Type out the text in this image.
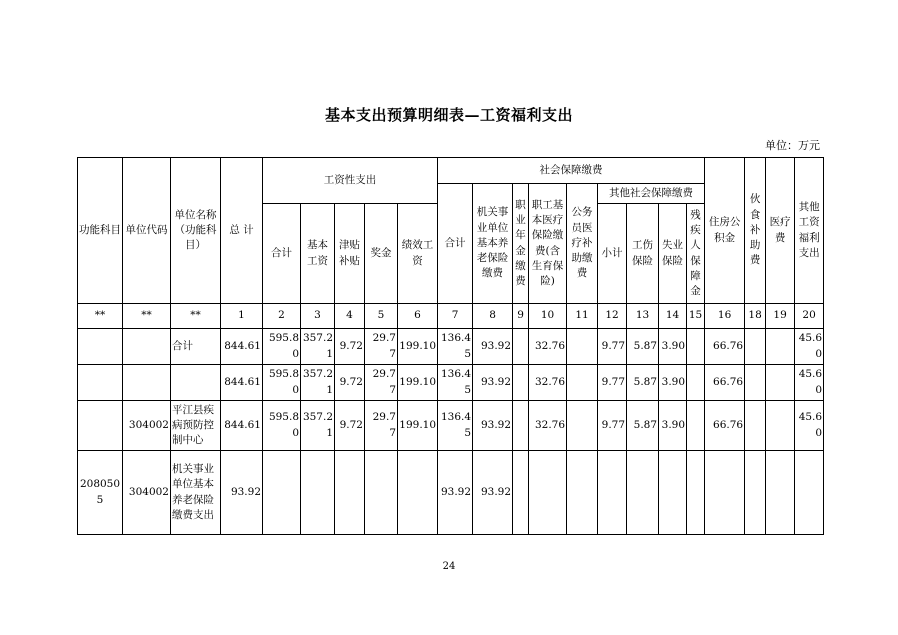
基本支出预算明细表—工资福利支出
单位：万元
功能科目	单位代码	单位名称（功能科目）	总 计	工资性支出					社会保障缴费									住房公积金	伙食补助费	医疗费	其他工资福利支出
									合计	机关事业单位基本养老保险缴费	职业年金缴费	职工基本医疗保险缴费(含生育保险)	公务员医疗补助缴费	其他社会保障缴费							
				合计	基本工资	津贴补贴	奖金	绩效工资						小计	工伤保险	失业保险	残疾人保障金				

**	**	**	1	2	3	4	5	6	7	8	9	10	11	12	13	14	15	16	18	19	20
		合计	844.61	595.80	357.21	9.72	29.77	199.10	136.45	93.92		32.76		9.77	5.87	3.90		66.76			45.60
			844.61	595.80	357.21	9.72	29.77	199.10	136.45	93.92		32.76		9.77	5.87	3.90		66.76			45.60
	304002	平江县疾病预防控制中心	844.61	595.80	357.21	9.72	29.77	199.10	136.45	93.92		32.76		9.77	5.87	3.90		66.76			45.60
2080505	304002	机关事业单位基本养老保险缴费支出	93.92						93.92	93.92											
24
